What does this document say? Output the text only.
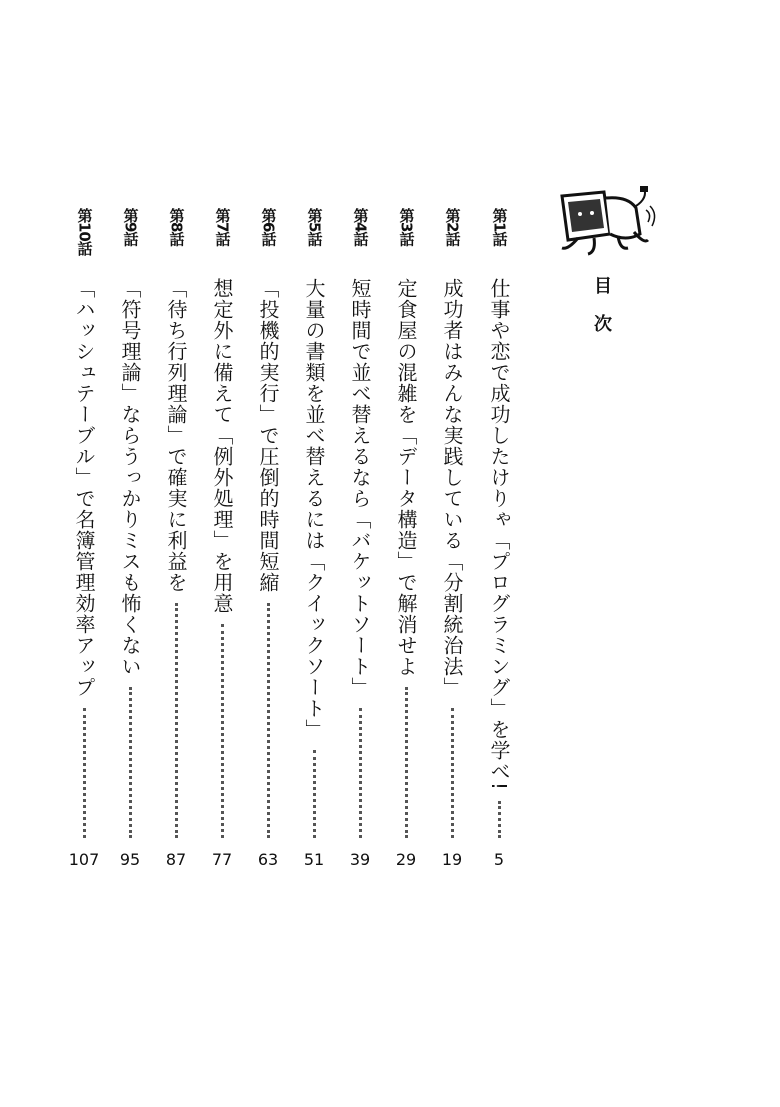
目次
第1話
仕事や恋で成功したけりゃ「プログラミング」を学べ!
5
第2話
成功者はみんな実践している「分割統治法」
19
第3話
定食屋の混雑を「データ構造」で解消せよ
29
第4話
短時間で並べ替えるなら「バケットソート」
39
第5話
大量の書類を並べ替えるには「クイックソート」
51
第6話
「投機的実行」で圧倒的時間短縮
63
第7話
想定外に備えて「例外処理」を用意
77
第8話
「待ち行列理論」で確実に利益を
87
第9話
「符号理論」ならうっかりミスも怖くない
95
第10話
「ハッシュテーブル」で名簿管理効率アップ
107
